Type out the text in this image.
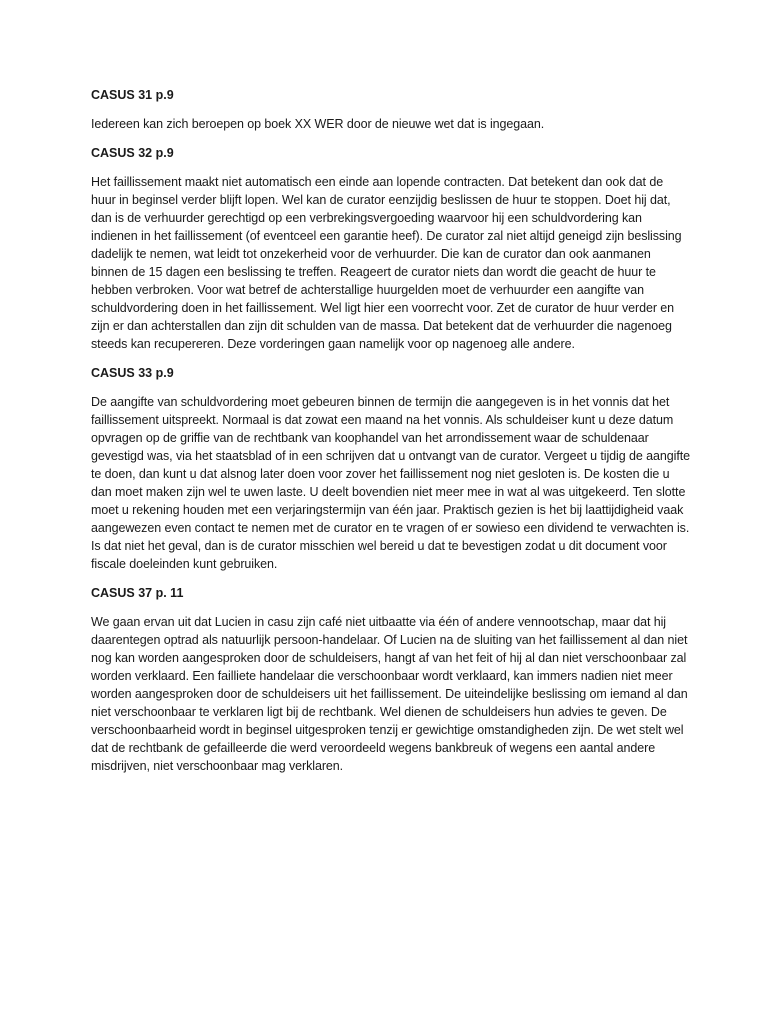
CASUS 31 p.9

Iedereen kan zich beroepen op boek XX WER door de nieuwe wet dat is ingegaan.

CASUS 32 p.9

Het faillissement maakt niet automatisch een einde aan lopende contracten. Dat betekent dan ook dat de huur in beginsel verder blijft lopen. Wel kan de curator eenzijdig beslissen de huur te stoppen. Doet hij dat, dan is de verhuurder gerechtigd op een verbrekingsvergoeding waarvoor hij een schuldvordering kan indienen in het faillissement (of eventceel een garantie heef). De curator zal niet altijd geneigd zijn beslissing dadelijk te nemen, wat leidt tot onzekerheid voor de verhuurder. Die kan de curator dan ook aanmanen binnen de 15 dagen een beslissing te treffen. Reageert de curator niets dan wordt die geacht de huur te hebben verbroken. Voor wat betref de achterstallige huurgelden moet de verhuurder een aangifte van schuldvordering doen in het faillissement. Wel ligt hier een voorrecht voor. Zet de curator de huur verder en zijn er dan achterstallen dan zijn dit schulden van de massa. Dat betekent dat de verhuurder die nagenoeg steeds kan recupereren. Deze vorderingen gaan namelijk voor op nagenoeg alle andere.

CASUS 33 p.9

De aangifte van schuldvordering moet gebeuren binnen de termijn die aangegeven is in het vonnis dat het faillissement uitspreekt. Normaal is dat zowat een maand na het vonnis. Als schuldeiser kunt u deze datum opvragen op de griffie van de rechtbank van koophandel van het arrondissement waar de schuldenaar gevestigd was, via het staatsblad of in een schrijven dat u ontvangt van de curator. Vergeet u tijdig de aangifte te doen, dan kunt u dat alsnog later doen voor zover het faillissement nog niet gesloten is. De kosten die u dan moet maken zijn wel te uwen laste. U deelt bovendien niet meer mee in wat al was uitgekeerd. Ten slotte moet u rekening houden met een verjaringstermijn van één jaar. Praktisch gezien is het bij laattijdigheid vaak aangewezen even contact te nemen met de curator en te vragen of er sowieso een dividend te verwachten is. Is dat niet het geval, dan is de curator misschien wel bereid u dat te bevestigen zodat u dit document voor fiscale doeleinden kunt gebruiken.

CASUS 37 p. 11

We gaan ervan uit dat Lucien in casu zijn café niet uitbaatte via één of andere vennootschap, maar dat hij daarentegen optrad als natuurlijk persoon-handelaar. Of Lucien na de sluiting van het faillissement al dan niet nog kan worden aangesproken door de schuldeisers, hangt af van het feit of hij al dan niet verschoonbaar zal worden verklaard. Een failliete handelaar die verschoonbaar wordt verklaard, kan immers nadien niet meer worden aangesproken door de schuldeisers uit het faillissement. De uiteindelijke beslissing om iemand al dan niet verschoonbaar te verklaren ligt bij de rechtbank. Wel dienen de schuldeisers hun advies te geven. De verschoonbaarheid wordt in beginsel uitgesproken tenzij er gewichtige omstandigheden zijn. De wet stelt wel dat de rechtbank de gefailleerde die werd veroordeeld wegens bankbreuk of wegens een aantal andere misdrijven, niet verschoonbaar mag verklaren.
